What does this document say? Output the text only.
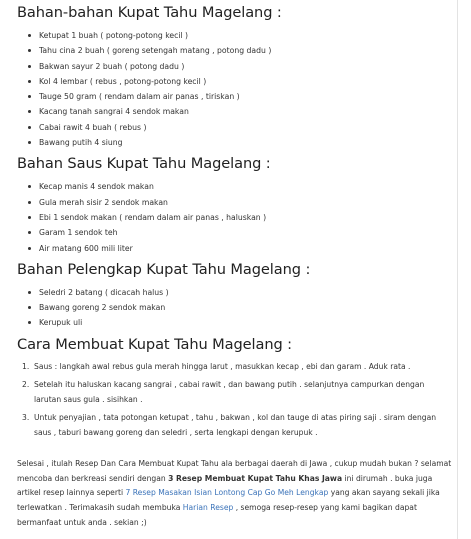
Bahan-bahan Kupat Tahu Magelang :
Ketupat 1 buah ( potong-potong kecil )
Tahu cina 2 buah ( goreng setengah matang , potong dadu )
Bakwan sayur 2 buah ( potong dadu )
Kol 4 lembar ( rebus , potong-potong kecil )
Tauge 50 gram ( rendam dalam air panas , tiriskan )
Kacang tanah sangrai 4 sendok makan
Cabai rawit 4 buah ( rebus )
Bawang putih 4 siung
Bahan Saus Kupat Tahu Magelang :
Kecap manis 4 sendok makan
Gula merah sisir 2 sendok makan
Ebi 1 sendok makan ( rendam dalam air panas , haluskan )
Garam 1 sendok teh
Air matang 600 mili liter
Bahan Pelengkap Kupat Tahu Magelang :
Seledri 2 batang ( dicacah halus )
Bawang goreng 2 sendok makan
Kerupuk uli
Cara Membuat Kupat Tahu Magelang :
1. Saus : langkah awal rebus gula merah hingga larut , masukkan kecap , ebi dan garam . Aduk rata .
2. Setelah itu haluskan kacang sangrai , cabai rawit , dan bawang putih . selanjutnya campurkan dengan larutan saus gula . sisihkan .
3. Untuk penyajian , tata potongan ketupat , tahu , bakwan , kol dan tauge di atas piring saji . siram dengan saus , taburi bawang goreng dan seledri , serta lengkapi dengan kerupuk .

Selesai , itulah Resep Dan Cara Membuat Kupat Tahu ala berbagai daerah di Jawa , cukup mudah bukan ? selamat mencoba dan berkreasi sendiri dengan 3 Resep Membuat Kupat Tahu Khas Jawa ini dirumah . buka juga artikel resep lainnya seperti 7 Resep Masakan Isian Lontong Cap Go Meh Lengkap yang akan sayang sekali jika terlewatkan . Terimakasih sudah membuka Harian Resep , semoga resep-resep yang kami bagikan dapat bermanfaat untuk anda . sekian ;)
